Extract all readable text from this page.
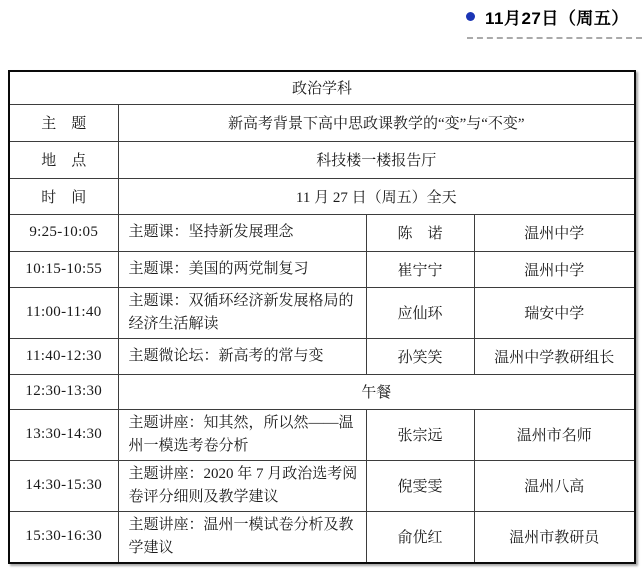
11月27日（周五）
政治学科			
主　题	新高考背景下高中思政课教学的“变”与“不变”		
地　点	科技楼一楼报告厅		
时　间	11 月 27 日（周五）全天		
9:25-10:05	主题课：坚持新发展理念	陈　诺	温州中学
10:15-10:55	主题课：美国的两党制复习	崔宁宁	温州中学
11:00-11:40	主题课：双循环经济新发展格局的经济生活解读	应仙环	瑞安中学
11:40-12:30	主题微论坛：新高考的常与变	孙笑笑	温州中学教研组长
12:30-13:30	午餐		
13:30-14:30	主题讲座：知其然，所以然——温州一模选考卷分析	张宗远	温州市名师
14:30-15:30	主题讲座：2020 年 7 月政治选考阅卷评分细则及教学建议	倪雯雯	温州八高
15:30-16:30	主题讲座：温州一模试卷分析及教学建议	俞优红	温州市教研员
